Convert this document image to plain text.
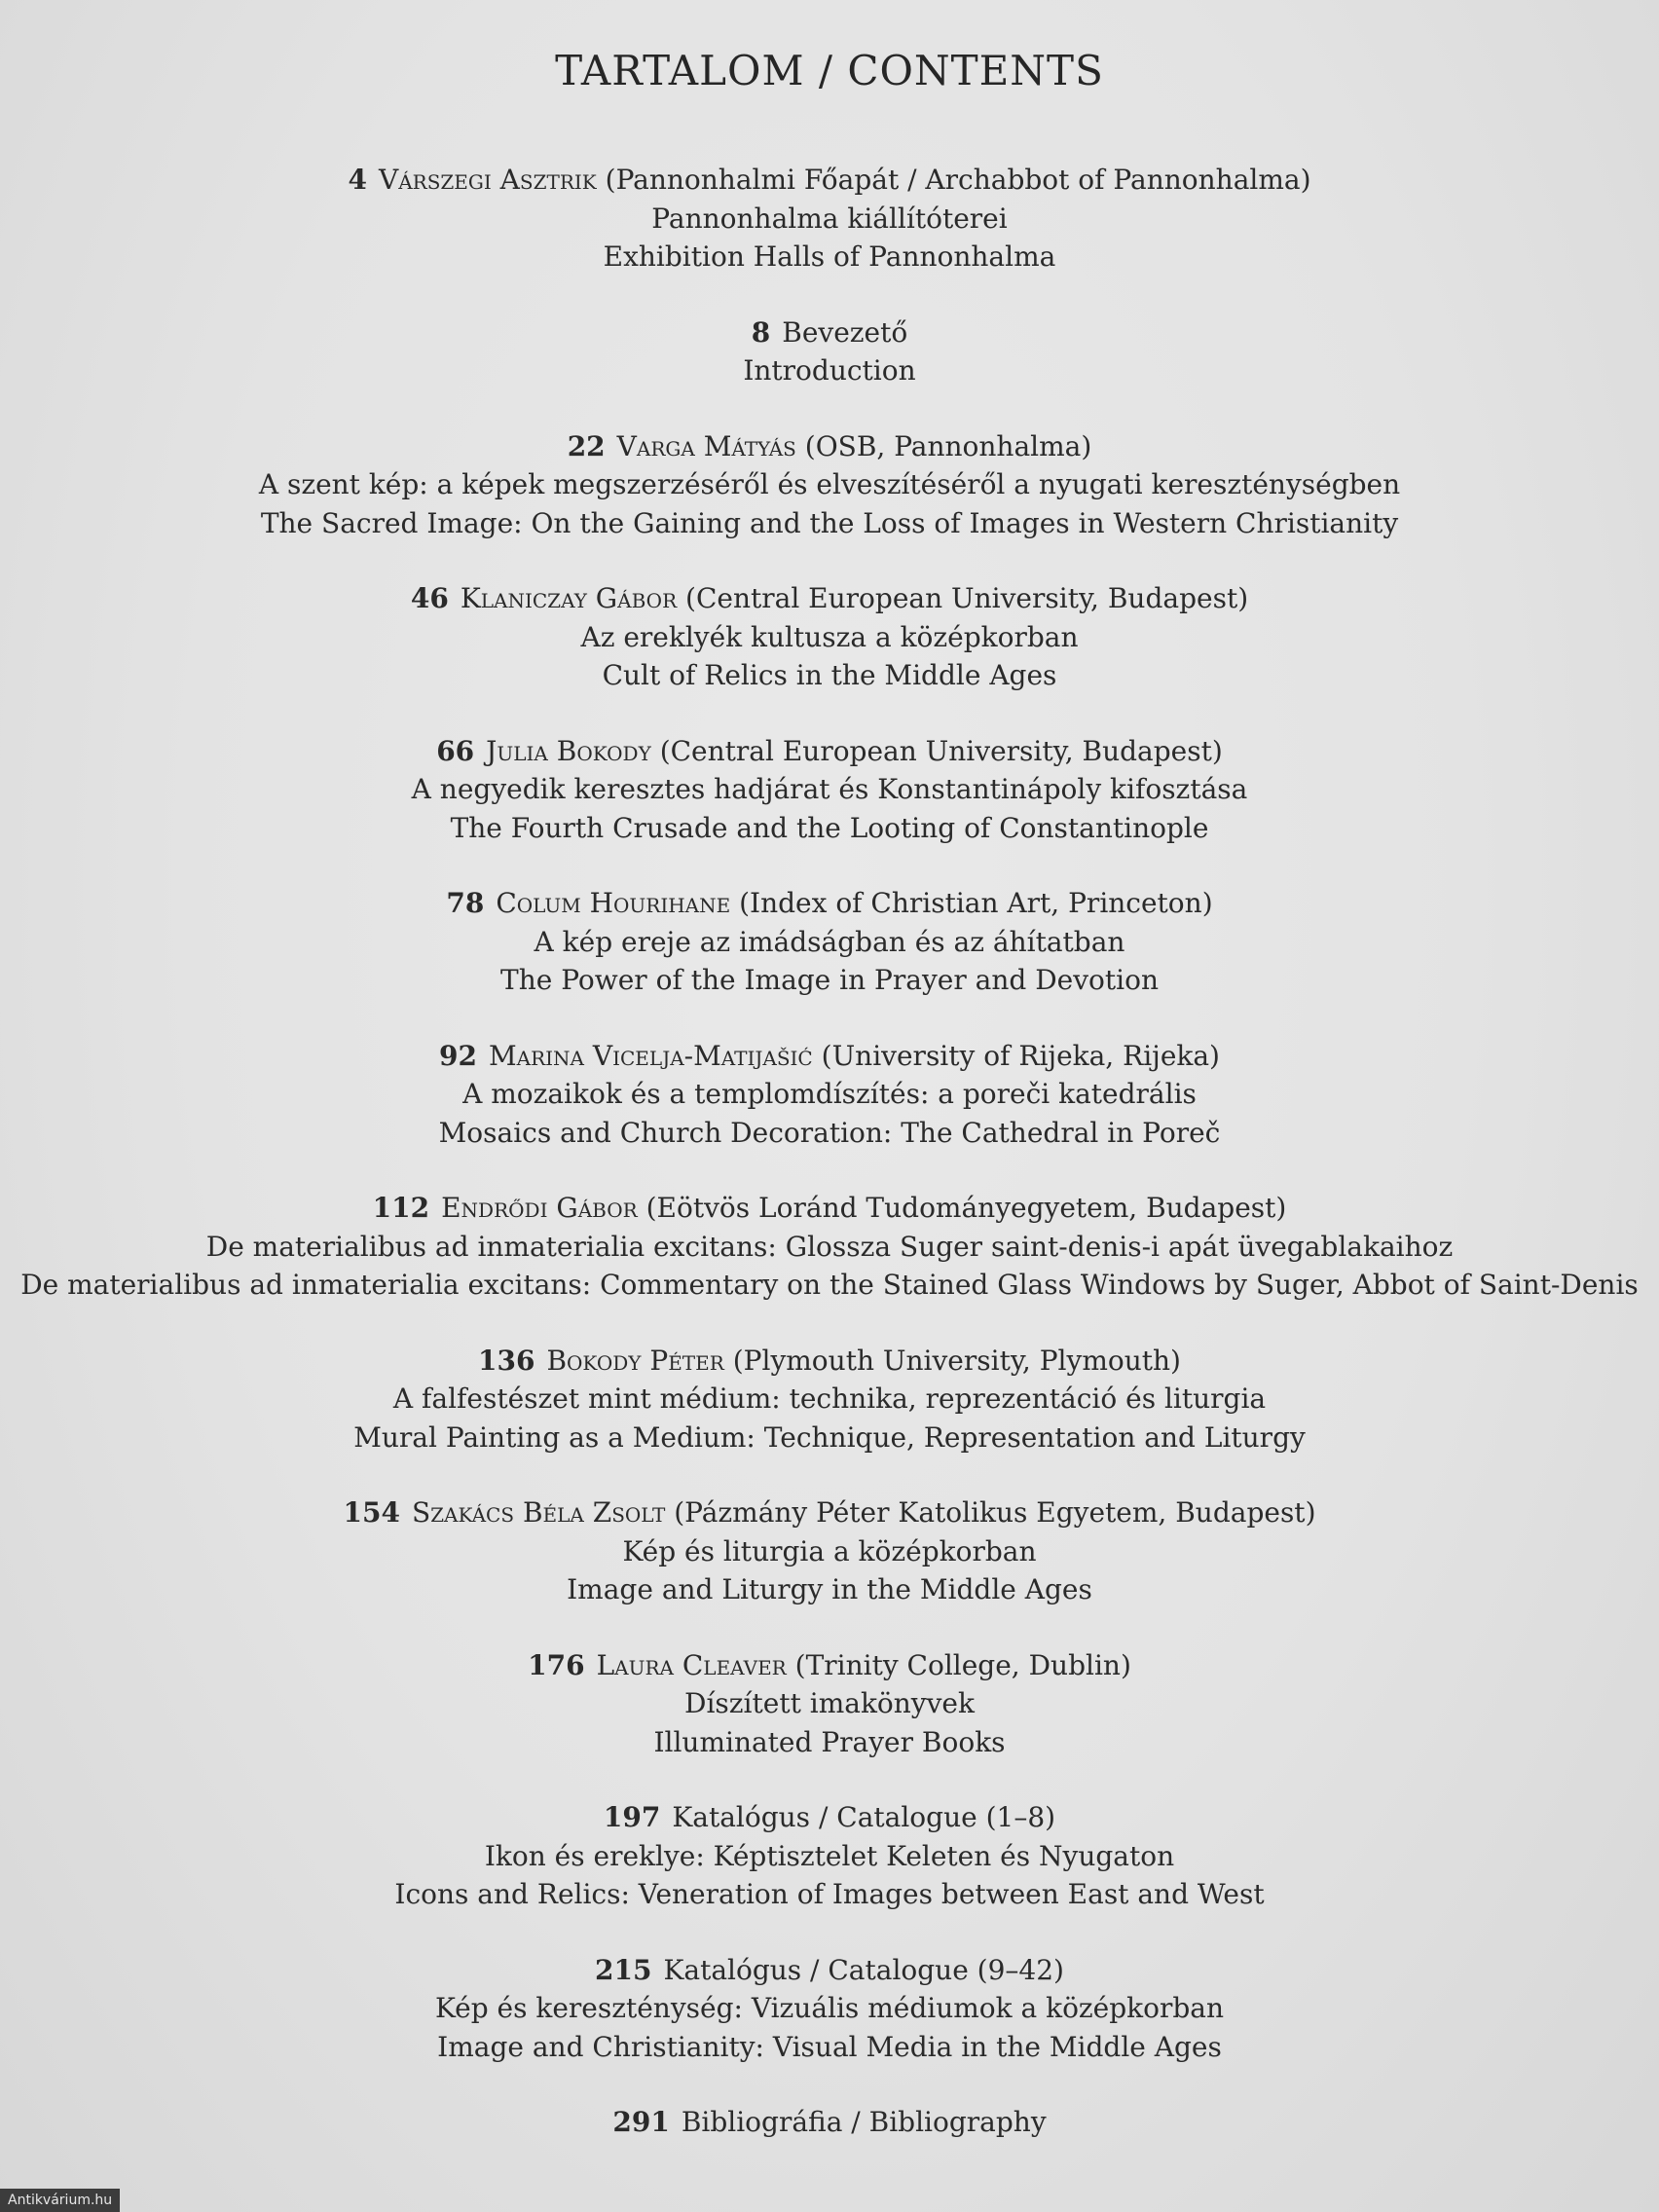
TARTALOM / CONTENTS
4 Várszegi Asztrik (Pannonhalmi Főapát / Archabbot of Pannonhalma)
Pannonhalma kiállítóterei
Exhibition Halls of Pannonhalma
8 Bevezető
Introduction
22 Varga Mátyás (OSB, Pannonhalma)
A szent kép: a képek megszerzéséről és elveszítéséről a nyugati kereszténységben
The Sacred Image: On the Gaining and the Loss of Images in Western Christianity
46 Klaniczay Gábor (Central European University, Budapest)
Az ereklyék kultusza a középkorban
Cult of Relics in the Middle Ages
66 Julia Bokody (Central European University, Budapest)
A negyedik keresztes hadjárat és Konstantinápoly kifosztása
The Fourth Crusade and the Looting of Constantinople
78 Colum Hourihane (Index of Christian Art, Princeton)
A kép ereje az imádságban és az áhítatban
The Power of the Image in Prayer and Devotion
92 Marina Vicelja-Matijašić (University of Rijeka, Rijeka)
A mozaikok és a templomdíszítés: a poreči katedrális
Mosaics and Church Decoration: The Cathedral in Poreč
112 Endrődi Gábor (Eötvös Loránd Tudományegyetem, Budapest)
De materialibus ad inmaterialia excitans: Glossza Suger saint-denis-i apát üvegablakaihoz
De materialibus ad inmaterialia excitans: Commentary on the Stained Glass Windows by Suger, Abbot of Saint-Denis
136 Bokody Péter (Plymouth University, Plymouth)
A falfestészet mint médium: technika, reprezentáció és liturgia
Mural Painting as a Medium: Technique, Representation and Liturgy
154 Szakács Béla Zsolt (Pázmány Péter Katolikus Egyetem, Budapest)
Kép és liturgia a középkorban
Image and Liturgy in the Middle Ages
176 Laura Cleaver (Trinity College, Dublin)
Díszített imakönyvek
Illuminated Prayer Books
197 Katalógus / Catalogue (1–8)
Ikon és ereklye: Képtisztelet Keleten és Nyugaton
Icons and Relics: Veneration of Images between East and West
215 Katalógus / Catalogue (9–42)
Kép és kereszténység: Vizuális médiumok a középkorban
Image and Christianity: Visual Media in the Middle Ages
291 Bibliográfia / Bibliography
Antikvárium.hu
